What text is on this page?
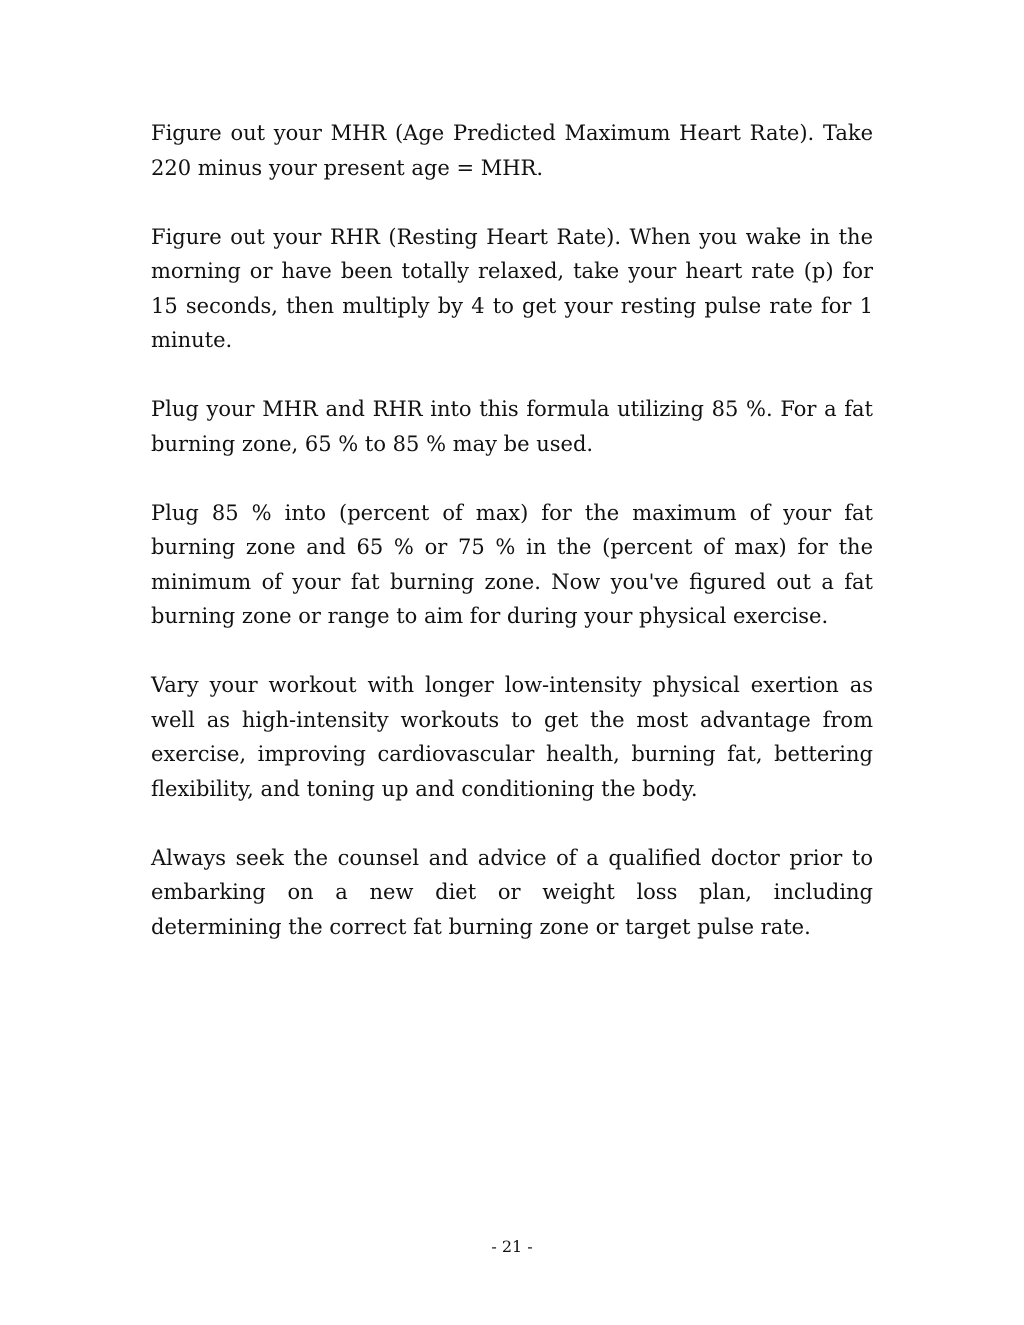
Figure out your MHR (Age Predicted Maximum Heart Rate). Take 220 minus your present age = MHR.

Figure out your RHR (Resting Heart Rate). When you wake in the morning or have been totally relaxed, take your heart rate (p) for 15 seconds, then multiply by 4 to get your resting pulse rate for 1 minute.

Plug your MHR and RHR into this formula utilizing 85 %. For a fat burning zone, 65 % to 85 % may be used.

Plug 85 % into (percent of max) for the maximum of your fat burning zone and 65 % or 75 % in the (percent of max) for the minimum of your fat burning zone. Now you've figured out a fat burning zone or range to aim for during your physical exercise.

Vary your workout with longer low-intensity physical exertion as well as high-intensity workouts to get the most advantage from exercise, improving cardiovascular health, burning fat, bettering flexibility, and toning up and conditioning the body.

Always seek the counsel and advice of a qualified doctor prior to embarking on a new diet or weight loss plan, including determining the correct fat burning zone or target pulse rate.

- 21 -
